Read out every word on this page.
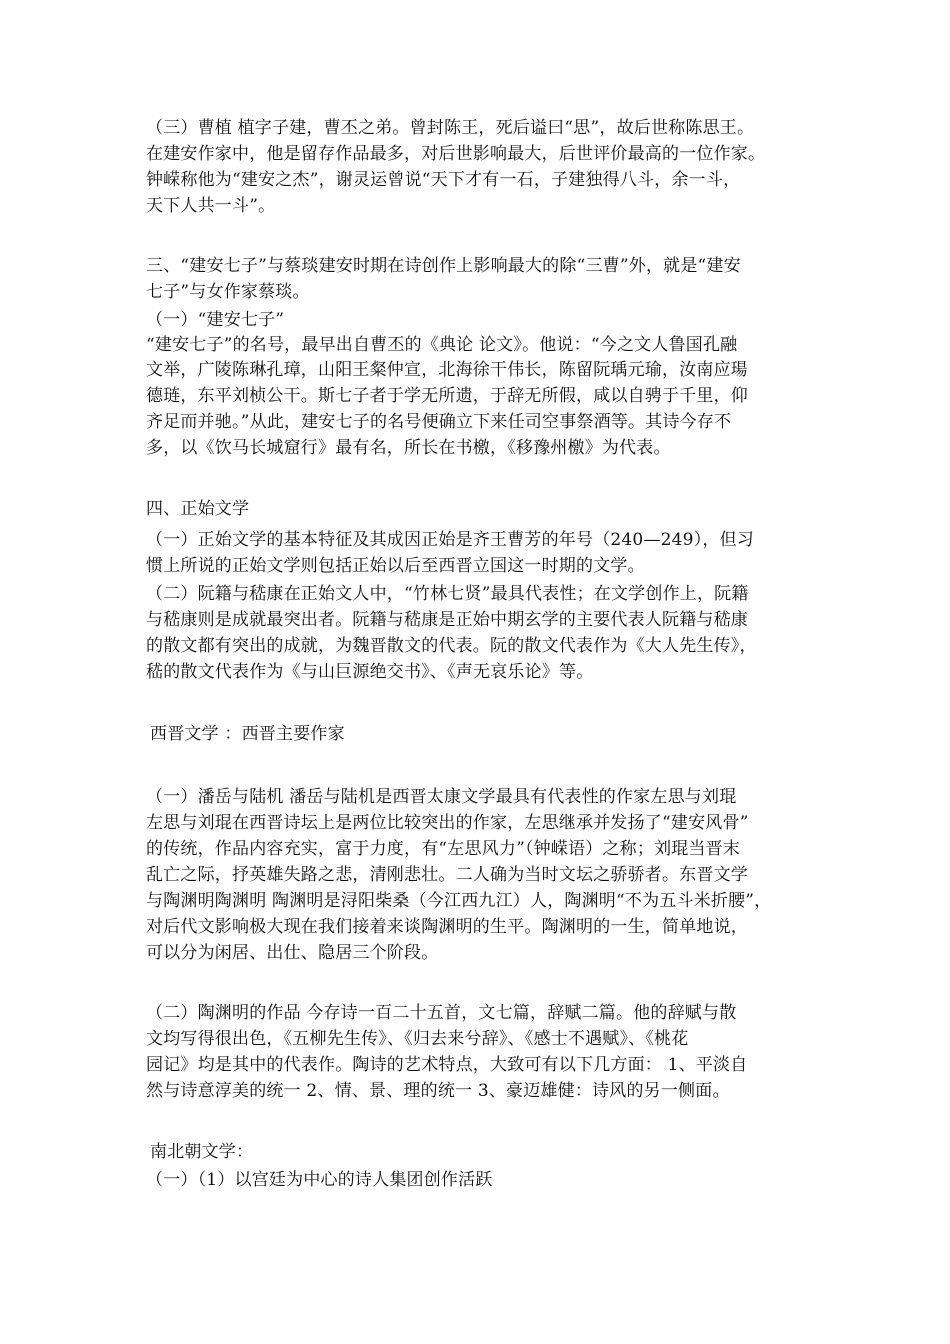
（三）曹植 植字子建，曹丕之弟。曾封陈王，死后谥曰“思”，故后世称陈思王。
在建安作家中，他是留存作品最多，对后世影响最大，后世评价最高的一位作家。
钟嵘称他为“建安之杰”，谢灵运曾说“天下才有一石，子建独得八斗，余一斗，
天下人共一斗”。
三、“建安七子”与蔡琰建安时期在诗创作上影响最大的除“三曹”外，就是“建安
七子”与女作家蔡琰。
（一）“建安七子”
“建安七子”的名号，最早出自曹丕的《典论 论文》。他说：“今之文人鲁国孔融
文举，广陵陈琳孔璋，山阳王粲仲宣，北海徐干伟长，陈留阮瑀元瑜，汝南应瑒
德琏，东平刘桢公干。斯七子者于学无所遗，于辞无所假，咸以自骋于千里，仰
齐足而并驰。”从此，建安七子的名号便确立下来任司空事祭酒等。其诗今存不
多，以《饮马长城窟行》最有名，所长在书檄，《移豫州檄》为代表。
四、正始文学
（一）正始文学的基本特征及其成因正始是齐王曹芳的年号（240—249），但习
惯上所说的正始文学则包括正始以后至西晋立国这一时期的文学。
（二）阮籍与嵇康在正始文人中，“竹林七贤”最具代表性；在文学创作上，阮籍
与嵇康则是成就最突出者。阮籍与嵇康是正始中期玄学的主要代表人阮籍与嵇康
的散文都有突出的成就，为魏晋散文的代表。阮的散文代表作为《大人先生传》，
嵇的散文代表作为《与山巨源绝交书》、《声无哀乐论》等。
西晋文学 ：西晋主要作家
（一）潘岳与陆机 潘岳与陆机是西晋太康文学最具有代表性的作家左思与刘琨
左思与刘琨在西晋诗坛上是两位比较突出的作家，左思继承并发扬了“建安风骨”
的传统，作品内容充实，富于力度，有“左思风力”（钟嵘语）之称；刘琨当晋末
乱亡之际，抒英雄失路之悲，清刚悲壮。二人确为当时文坛之骄骄者。东晋文学
与陶渊明陶渊明 陶渊明是浔阳柴桑（今江西九江）人，陶渊明“不为五斗米折腰”，
对后代文影响极大现在我们接着来谈陶渊明的生平。陶渊明的一生，简单地说，
可以分为闲居、出仕、隐居三个阶段。
（二）陶渊明的作品 今存诗一百二十五首，文七篇，辞赋二篇。他的辞赋与散
文均写得很出色，《五柳先生传》、《归去来兮辞》、《感士不遇赋》、《桃花
园记》均是其中的代表作。陶诗的艺术特点，大致可有以下几方面： 1、平淡自
然与诗意淳美的统一 2、情、景、理的统一 3、豪迈雄健：诗风的另一侧面。
南北朝文学：
（一）（1）以宫廷为中心的诗人集团创作活跃
